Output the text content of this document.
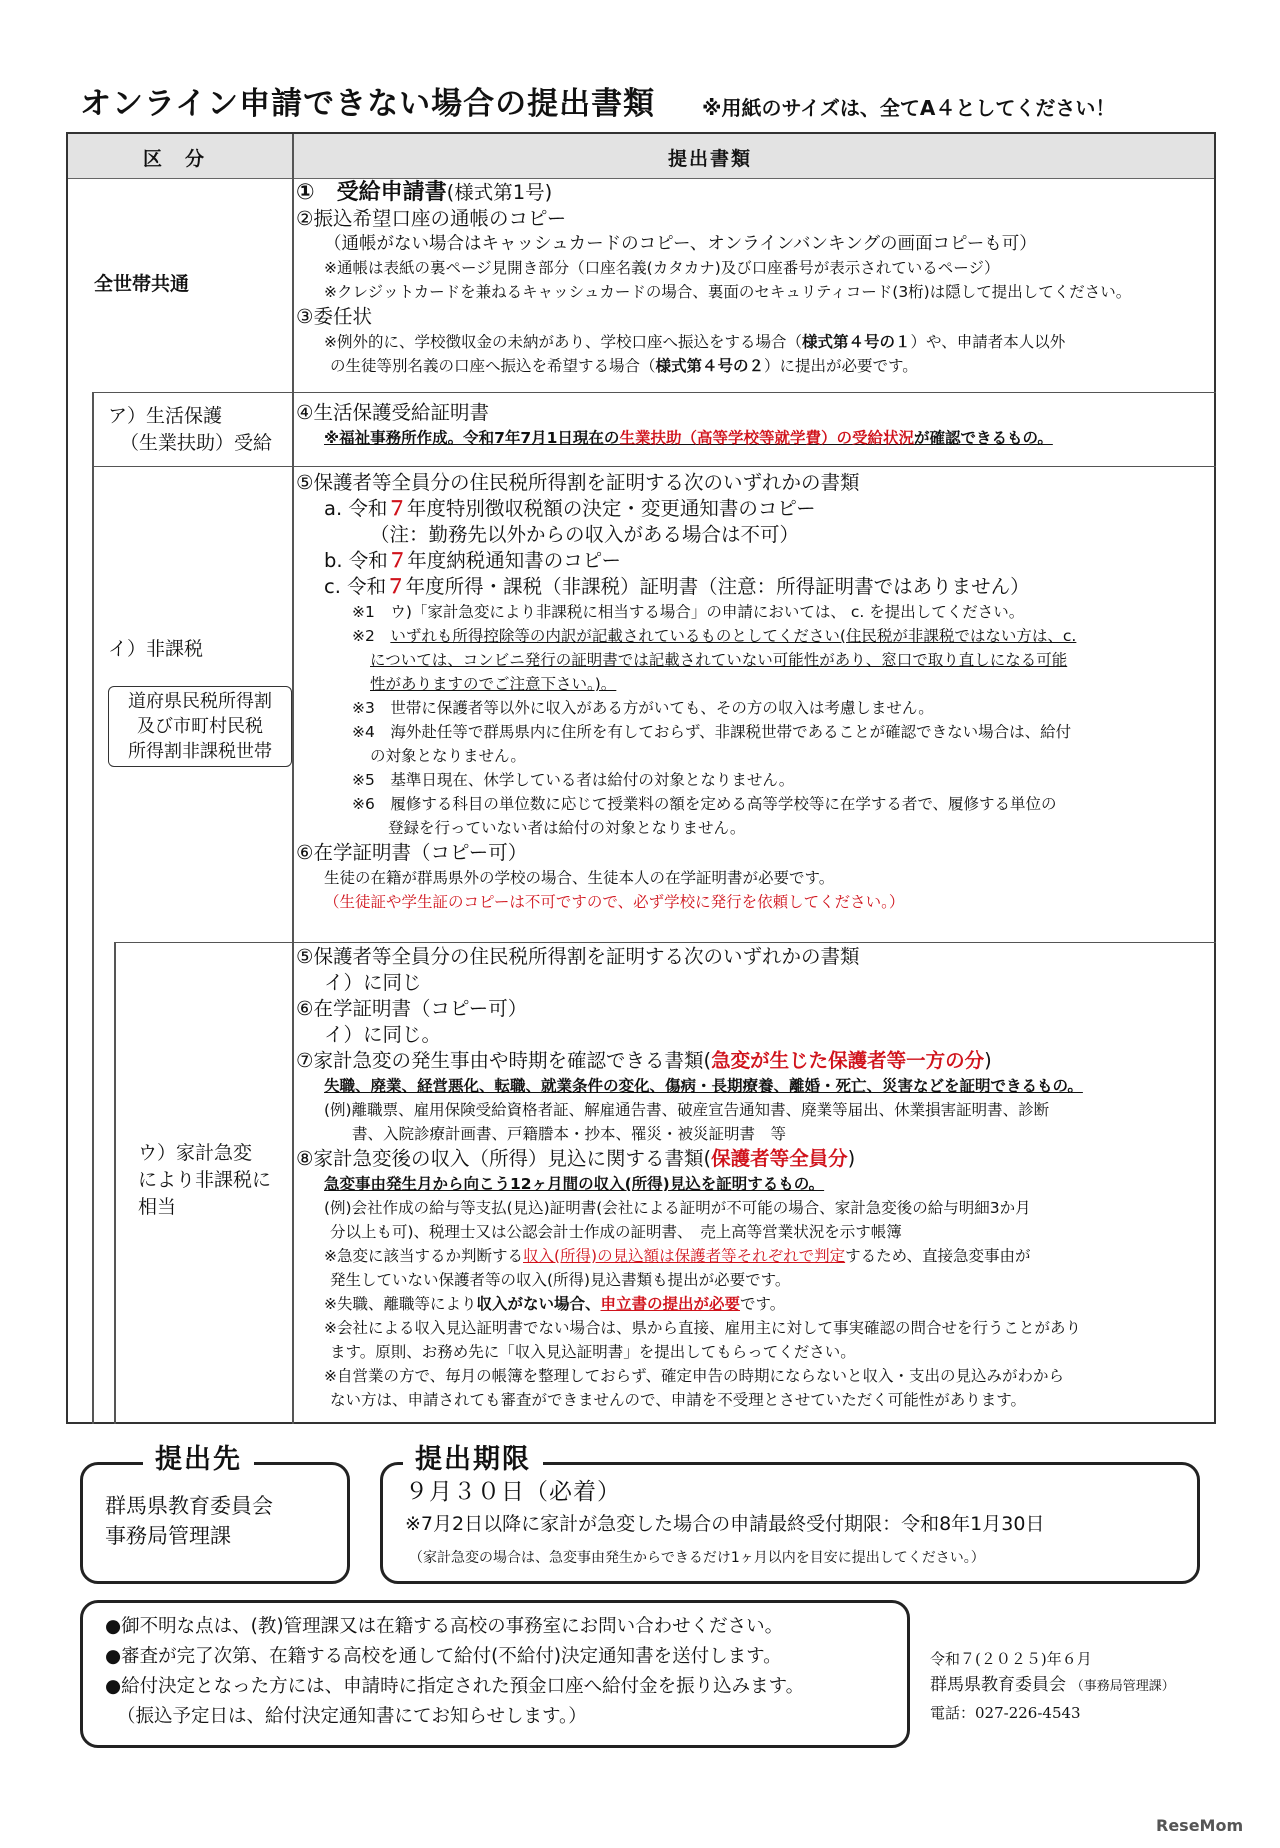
オンライン申請できない場合の提出書類 ※用紙のサイズは、全てA４としてください！
区　分	提出書類
全世帯共通
ア）生活保護
（生業扶助）受給
イ）非課税
道府県民税所得割
及び市町村民税
所得割非課税世帯
ウ）家計急変
により非課税に
相当
①　受給申請書(様式第1号)
②振込希望口座の通帳のコピー
（通帳がない場合はキャッシュカードのコピー、オンラインバンキングの画面コピーも可）
※通帳は表紙の裏ページ見開き部分（口座名義(カタカナ)及び口座番号が表示されているページ）
※クレジットカードを兼ねるキャッシュカードの場合、裏面のセキュリティコード(3桁)は隠して提出してください。
③委任状
※例外的に、学校徴収金の未納があり、学校口座へ振込をする場合（様式第４号の１）や、申請者本人以外
の生徒等別名義の口座へ振込を希望する場合（様式第４号の２）に提出が必要です。
④生活保護受給証明書
※福祉事務所作成。令和7年7月1日現在の生業扶助（高等学校等就学費）の受給状況が確認できるもの。
⑤保護者等全員分の住民税所得割を証明する次のいずれかの書類
a. 令和７年度特別徴収税額の決定・変更通知書のコピー
（注：勤務先以外からの収入がある場合は不可）
b. 令和７年度納税通知書のコピー
c. 令和７年度所得・課税（非課税）証明書（注意：所得証明書ではありません）
※1　ウ)「家計急変により非課税に相当する場合」の申請においては、 c. を提出してください。
※2　いずれも所得控除等の内訳が記載されているものとしてください(住民税が非課税ではない方は、c.
については、コンビニ発行の証明書では記載されていない可能性があり、窓口で取り直しになる可能
性がありますのでご注意下さい。)。
※3　世帯に保護者等以外に収入がある方がいても、その方の収入は考慮しません。
※4　海外赴任等で群馬県内に住所を有しておらず、非課税世帯であることが確認できない場合は、給付
の対象となりません。
※5　基準日現在、休学している者は給付の対象となりません。
※6　履修する科目の単位数に応じて授業料の額を定める高等学校等に在学する者で、履修する単位の
登録を行っていない者は給付の対象となりません。
⑥在学証明書（コピー可）
生徒の在籍が群馬県外の学校の場合、生徒本人の在学証明書が必要です。
（生徒証や学生証のコピーは不可ですので、必ず学校に発行を依頼してください。）
⑤保護者等全員分の住民税所得割を証明する次のいずれかの書類
イ）に同じ
⑥在学証明書（コピー可）
イ）に同じ。
⑦家計急変の発生事由や時期を確認できる書類(急変が生じた保護者等一方の分)
失職、廃業、経営悪化、転職、就業条件の変化、傷病・長期療養、離婚・死亡、災害などを証明できるもの。
(例)離職票、雇用保険受給資格者証、解雇通告書、破産宣告通知書、廃業等届出、休業損害証明書、診断
書、入院診療計画書、戸籍謄本・抄本、罹災・被災証明書　等
⑧家計急変後の収入（所得）見込に関する書類(保護者等全員分)
急変事由発生月から向こう12ヶ月間の収入(所得)見込を証明するもの。
(例)会社作成の給与等支払(見込)証明書(会社による証明が不可能の場合、家計急変後の給与明細3か月
分以上も可)、税理士又は公認会計士作成の証明書、　売上高等営業状況を示す帳簿
※急変に該当するか判断する収入(所得)の見込額は保護者等それぞれで判定するため、直接急変事由が
発生していない保護者等の収入(所得)見込書類も提出が必要です。
※失職、離職等により収入がない場合、申立書の提出が必要です。
※会社による収入見込証明書でない場合は、県から直接、雇用主に対して事実確認の問合せを行うことがあり
ます。原則、お務め先に「収入見込証明書」を提出してもらってください。
※自営業の方で、毎月の帳簿を整理しておらず、確定申告の時期にならないと収入・支出の見込みがわから
ない方は、申請されても審査ができませんので、申請を不受理とさせていただく可能性があります。
提出先
群馬県教育委員会
事務局管理課
提出期限
９月３０日（必着）
※7月2日以降に家計が急変した場合の申請最終受付期限：令和8年1月30日
（家計急変の場合は、急変事由発生からできるだけ1ヶ月以内を目安に提出してください。）
●御不明な点は、(教)管理課又は在籍する高校の事務室にお問い合わせください。
●審査が完了次第、在籍する高校を通して給付(不給付)決定通知書を送付します。
●給付決定となった方には、申請時に指定された預金口座へ給付金を振り込みます。
（振込予定日は、給付決定通知書にてお知らせします。）
令和７(２０２５)年６月
群馬県教育委員会 （事務局管理課）
電話：027-226-4543
ReseMom
